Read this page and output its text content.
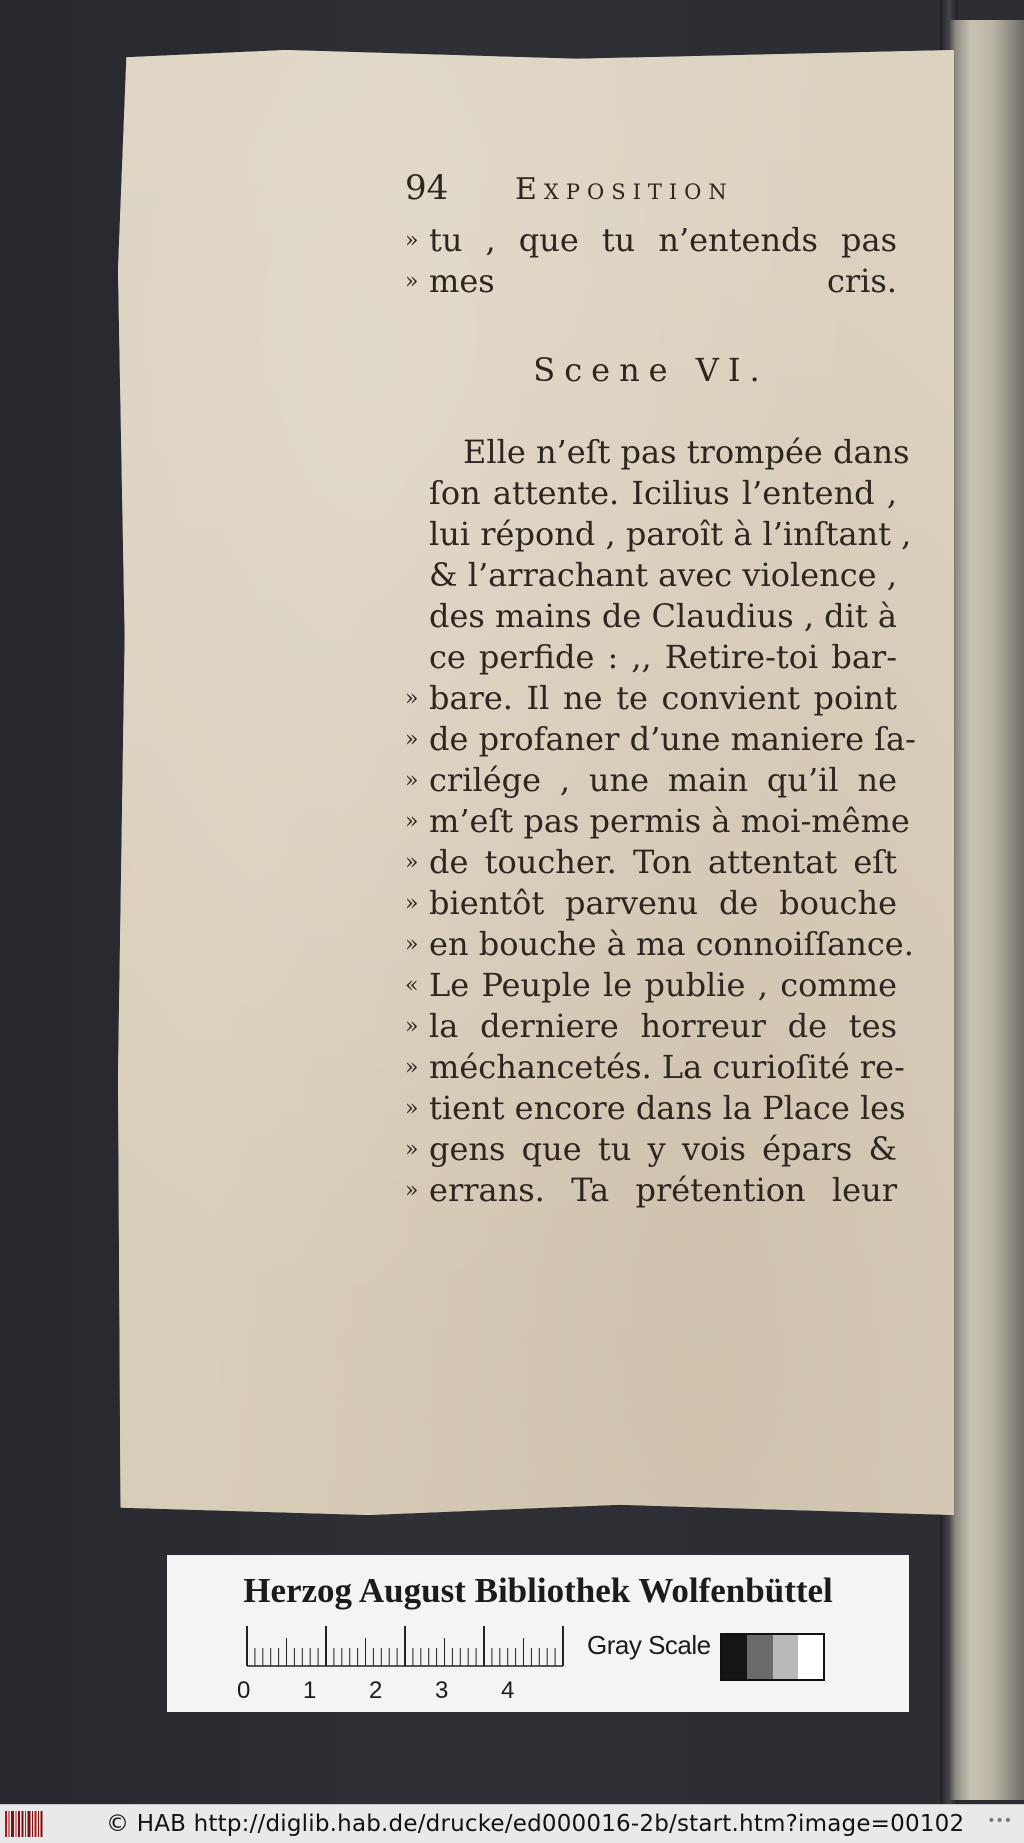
94	Exposition
» tu , que tu n’entends pas
» mes cris.
Scene VI.
Elle n’eſt pas trompée dans
ſon attente. Icilius l’entend ,
lui répond , paroît à l’inſtant ,
& l’arrachant avec violence ,
des mains de Claudius , dit à
ce perfide : ,, Retire-toi bar-
» bare. Il ne te convient point
» de profaner d’une maniere ſa-
» crilége , une main qu’il ne
» m’eſt pas permis à moi-même
» de toucher. Ton attentat eſt
» bientôt parvenu de bouche
» en bouche à ma connoiſſance.
« Le Peuple le publie , comme
» la derniere horreur de tes
» méchancetés. La curioſité re-
» tient encore dans la Place les
» gens que tu y vois épars &
» errans. Ta prétention leur
Herzog August Bibliothek Wolfenbüttel
0 1 2 3 4
Gray Scale
© HAB http://diglib.hab.de/drucke/ed000016-2b/start.htm?image=00102 •••
